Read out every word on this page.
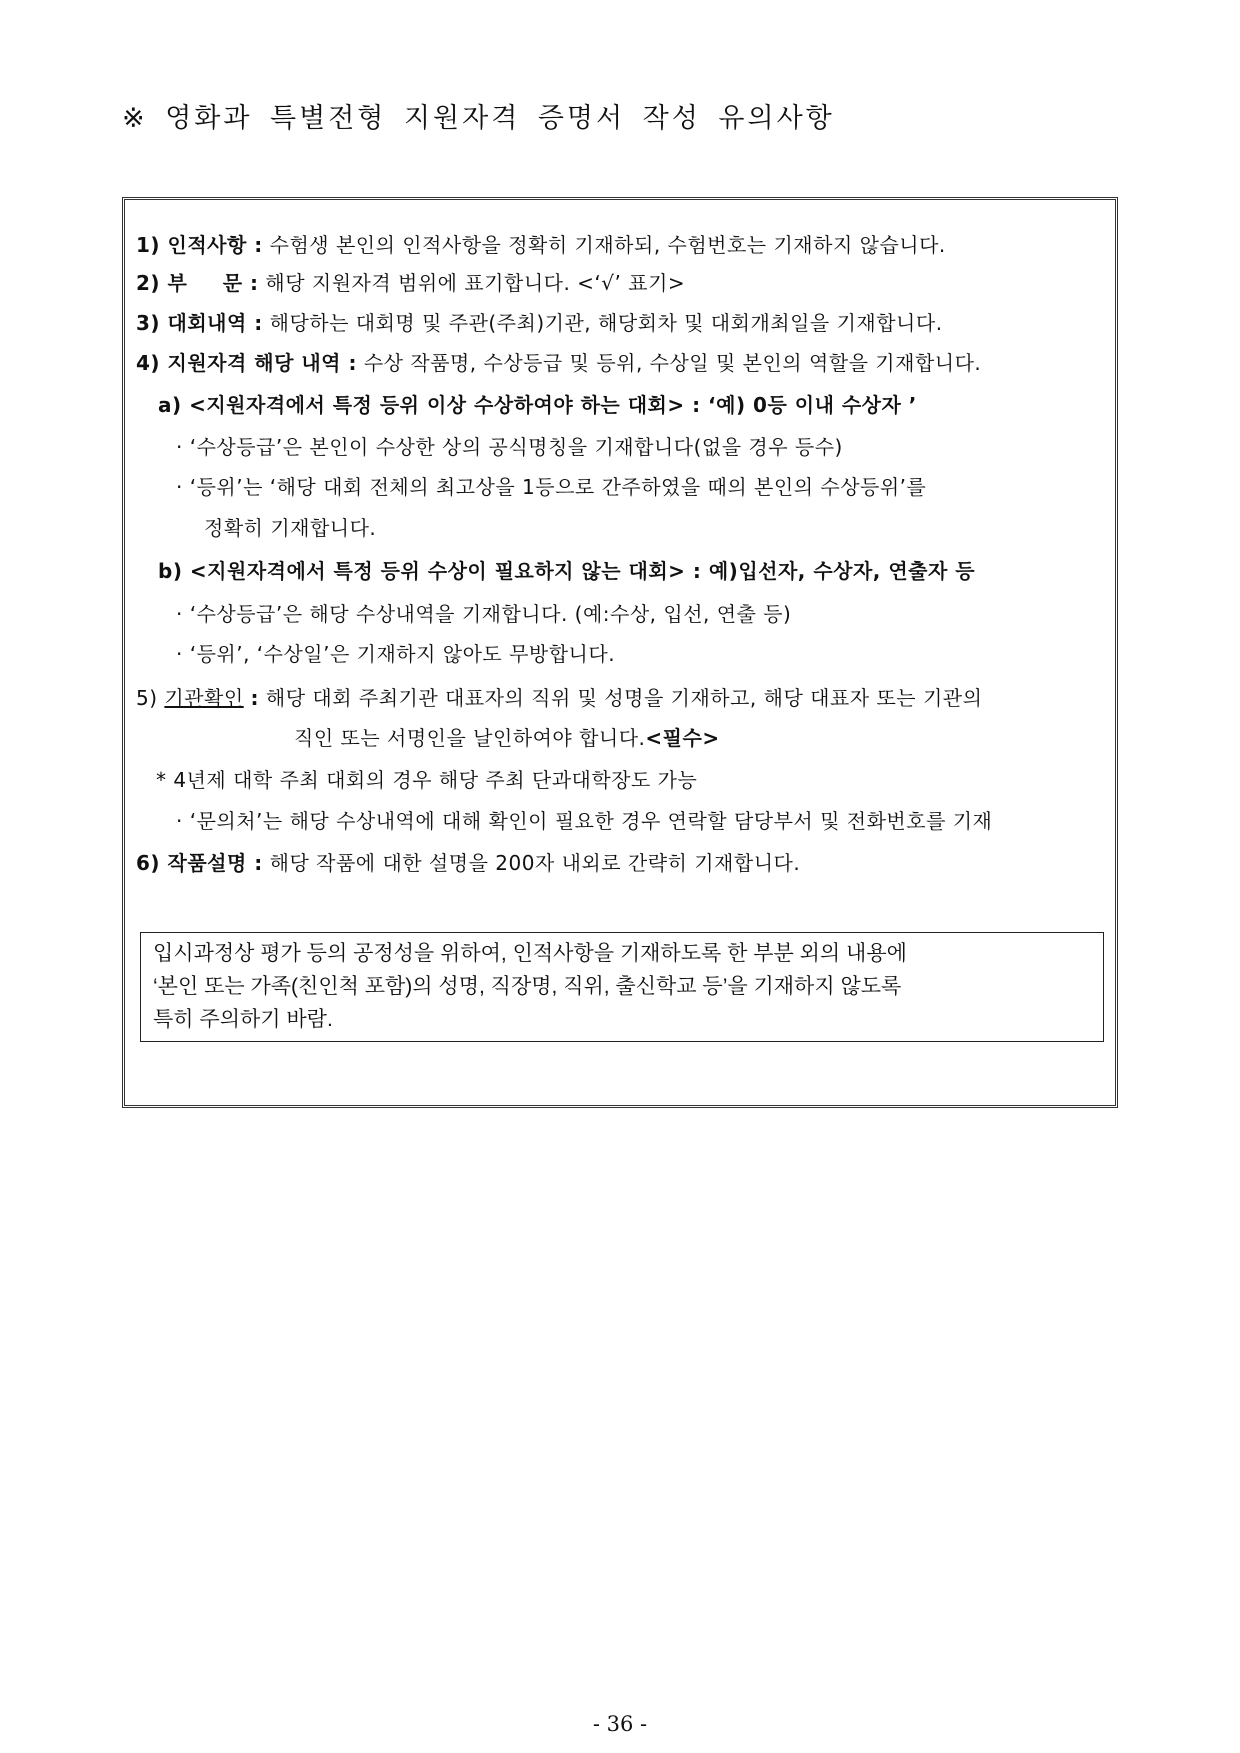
※ 영화과 특별전형 지원자격 증명서 작성 유의사항
1) 인적사항 : 수험생 본인의 인적사항을 정확히 기재하되, 수험번호는 기재하지 않습니다.
2) 부 　 문 : 해당 지원자격 범위에 표기합니다. <‘√’ 표기>
3) 대회내역 : 해당하는 대회명 및 주관(주최)기관, 해당회차 및 대회개최일을 기재합니다.
4) 지원자격 해당 내역 : 수상 작품명, 수상등급 및 등위, 수상일 및 본인의 역할을 기재합니다.
a) <지원자격에서 특정 등위 이상 수상하여야 하는 대회> : ‘예) 0등 이내 수상자 ’
· ‘수상등급’은 본인이 수상한 상의 공식명칭을 기재합니다(없을 경우 등수)
· ‘등위’는 ‘해당 대회 전체의 최고상을 1등으로 간주하였을 때의 본인의 수상등위’를
정확히 기재합니다.
b) <지원자격에서 특정 등위 수상이 필요하지 않는 대회> : 예)입선자, 수상자, 연출자 등
· ‘수상등급’은 해당 수상내역을 기재합니다. (예:수상, 입선, 연출 등)
· ‘등위’, ‘수상일’은 기재하지 않아도 무방합니다.
5) 기관확인 : 해당 대회 주최기관 대표자의 직위 및 성명을 기재하고, 해당 대표자 또는 기관의
직인 또는 서명인을 날인하여야 합니다.<필수>
* 4년제 대학 주최 대회의 경우 해당 주최 단과대학장도 가능
· ‘문의처’는 해당 수상내역에 대해 확인이 필요한 경우 연락할 담당부서 및 전화번호를 기재
6) 작품설명 : 해당 작품에 대한 설명을 200자 내외로 간략히 기재합니다.
입시과정상 평가 등의 공정성을 위하여, 인적사항을 기재하도록 한 부분 외의 내용에
‘본인 또는 가족(친인척 포함)의 성명, 직장명, 직위, 출신학교 등’을 기재하지 않도록
특히 주의하기 바람.
- 36 -
